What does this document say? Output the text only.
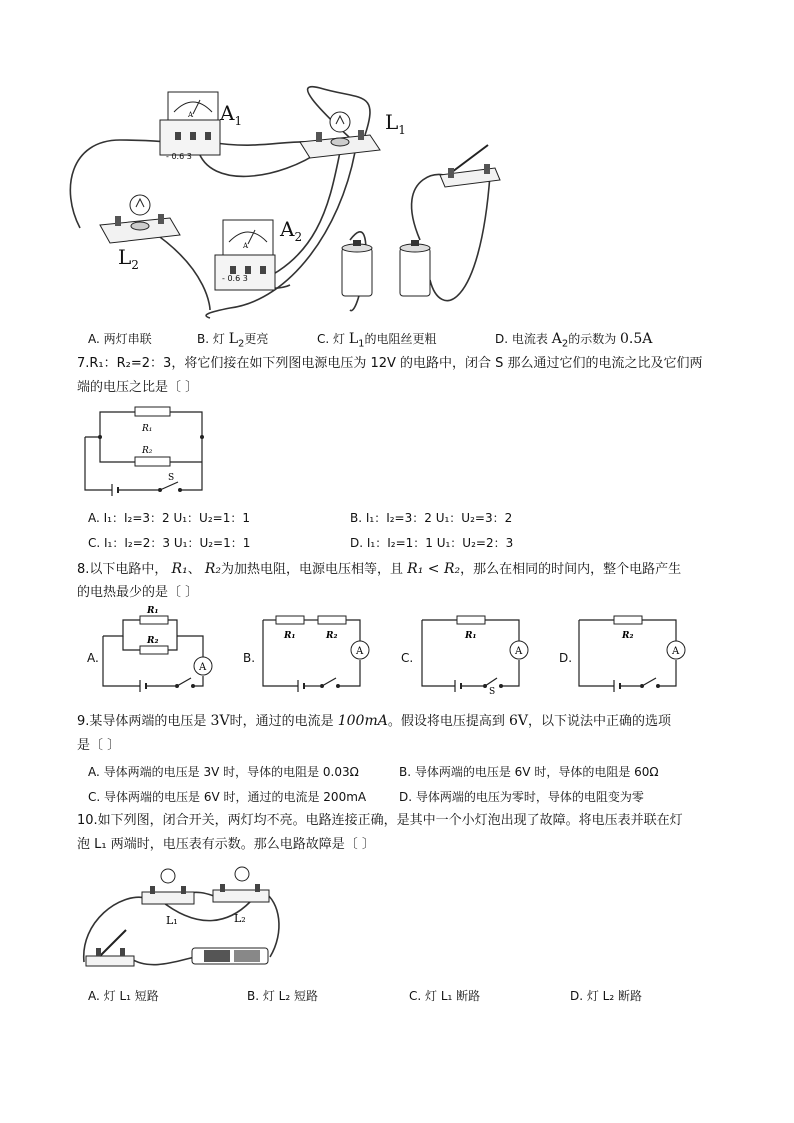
A
A
$A_1$	$L_1$
$A_2$
$L_2$
- 0.6 3
- 0.6 3
A. 两灯串联	B. 灯 $L_2$更亮	C. 灯 $L_1$的电阻丝更粗	D. 电流表 $A_2$的示数为 0.5A
7.R₁：R₂=2：3，将它们接在如下列图电源电压为 12V 的电路中，闭合 S 那么通过它们的电流之比及它们两
端的电压之比是〔 〕
R₁
R₂
S
A. I₁：I₂=3：2 U₁：U₂=1：1	B. I₁：I₂=3：2 U₁：U₂=3：2
C. I₁：I₂=2：3 U₁：U₂=1：1	D. I₁：I₂=1：1 U₁：U₂=2：3
8.以下电路中， R₁、 R₂为加热电阻，电源电压相等，且 R₁ < R₂，那么在相同的时间内，整个电路产生
的电热最少的是〔 〕
A.
A
R₁
R₂
B.	A
R₁	R₂
C.	A
R₁
S
D.	A
R₂
9.某导体两端的电压是 3V时，通过的电流是 100mA。假设将电压提高到 6V，以下说法中正确的选项
是〔 〕
A. 导体两端的电压是 3V 时，导体的电阻是 0.03Ω	B. 导体两端的电压是 6V 时，导体的电阻是 60Ω
C. 导体两端的电压是 6V 时，通过的电流是 200mA	D. 导体两端的电压为零时，导体的电阻变为零
10.如下列图，闭合开关，两灯均不亮。电路连接正确，是其中一个小灯泡出现了故障。将电压表并联在灯
泡 L₁ 两端时，电压表有示数。那么电路故障是〔 〕
L₁	L₂
A. 灯 L₁ 短路	B. 灯 L₂ 短路	C. 灯 L₁ 断路	D. 灯 L₂ 断路
